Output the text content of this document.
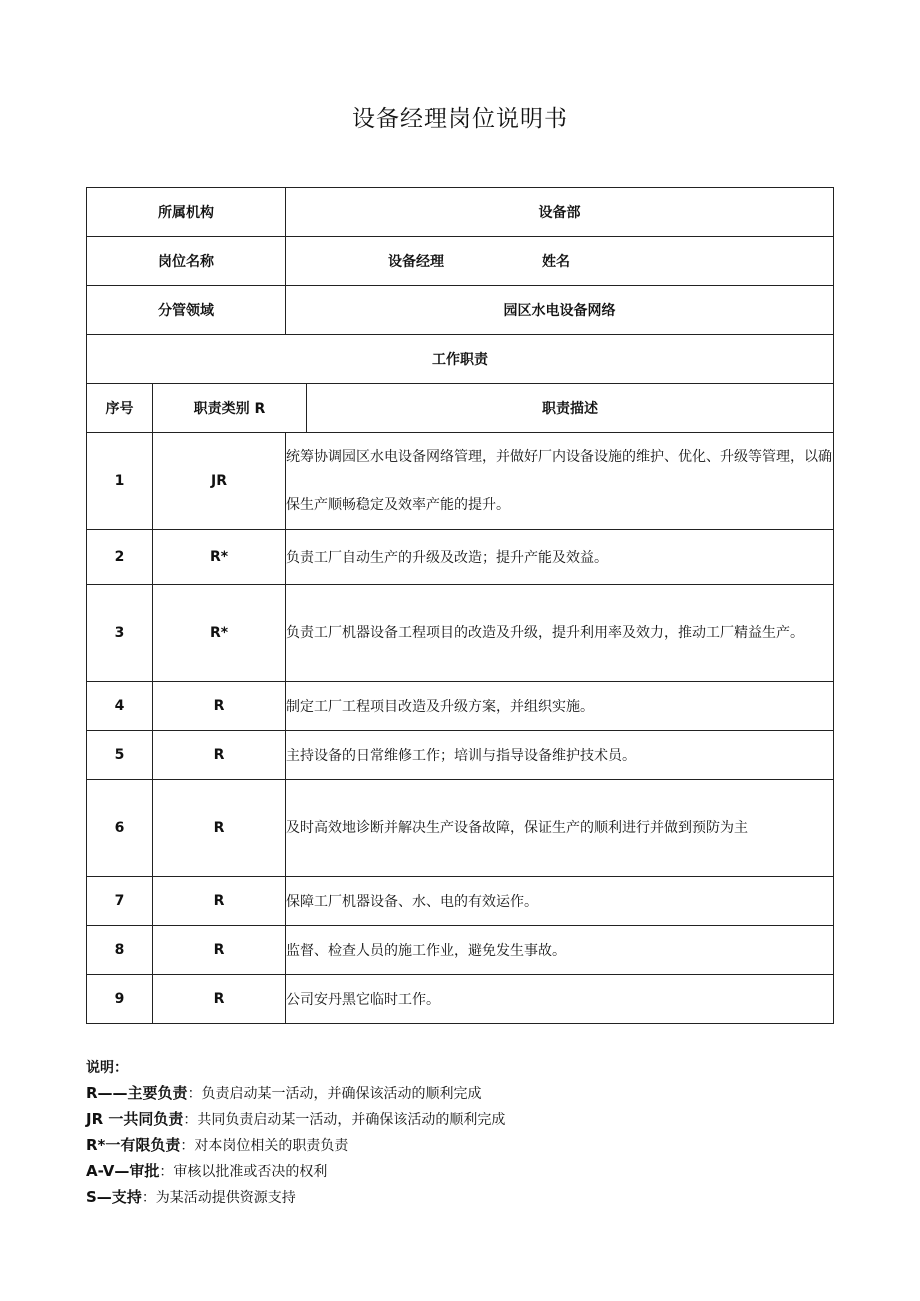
设备经理岗位说明书
所属机构		设备部	
岗位名称		设备经理 姓名	
分管领域		园区水电设备网络	
工作职责			
序号	职责类别 R		职责描述
1	JR	统筹协调园区水电设备网络管理，并做好厂内设备设施的维护、优化、升级等管理，以确保生产顺畅稳定及效率产能的提升。	
2	R*	负责工厂自动生产的升级及改造；提升产能及效益。	
3	R*	负责工厂机器设备工程项目的改造及升级，提升利用率及效力，推动工厂精益生产。	
4	R	制定工厂工程项目改造及升级方案，并组织实施。	
5	R	主持设备的日常维修工作；培训与指导设备维护技术员。	
6	R	及时高效地诊断并解决生产设备故障，保证生产的顺利进行并做到预防为主	
7	R	保障工厂机器设备、水、电的有效运作。	
8	R	监督、检查人员的施工作业，避免发生事故。	
9	R	公司安丹黑它临时工作。	
说明：
R——主要负责：负责启动某一活动，并确保该活动的顺利完成
JR 一共同负责：共同负责启动某一活动，并确保该活动的顺利完成
R*一有限负责：对本岗位相关的职责负责
A-V—审批：审核以批准或否决的权利
S—支持：为某活动提供资源支持
